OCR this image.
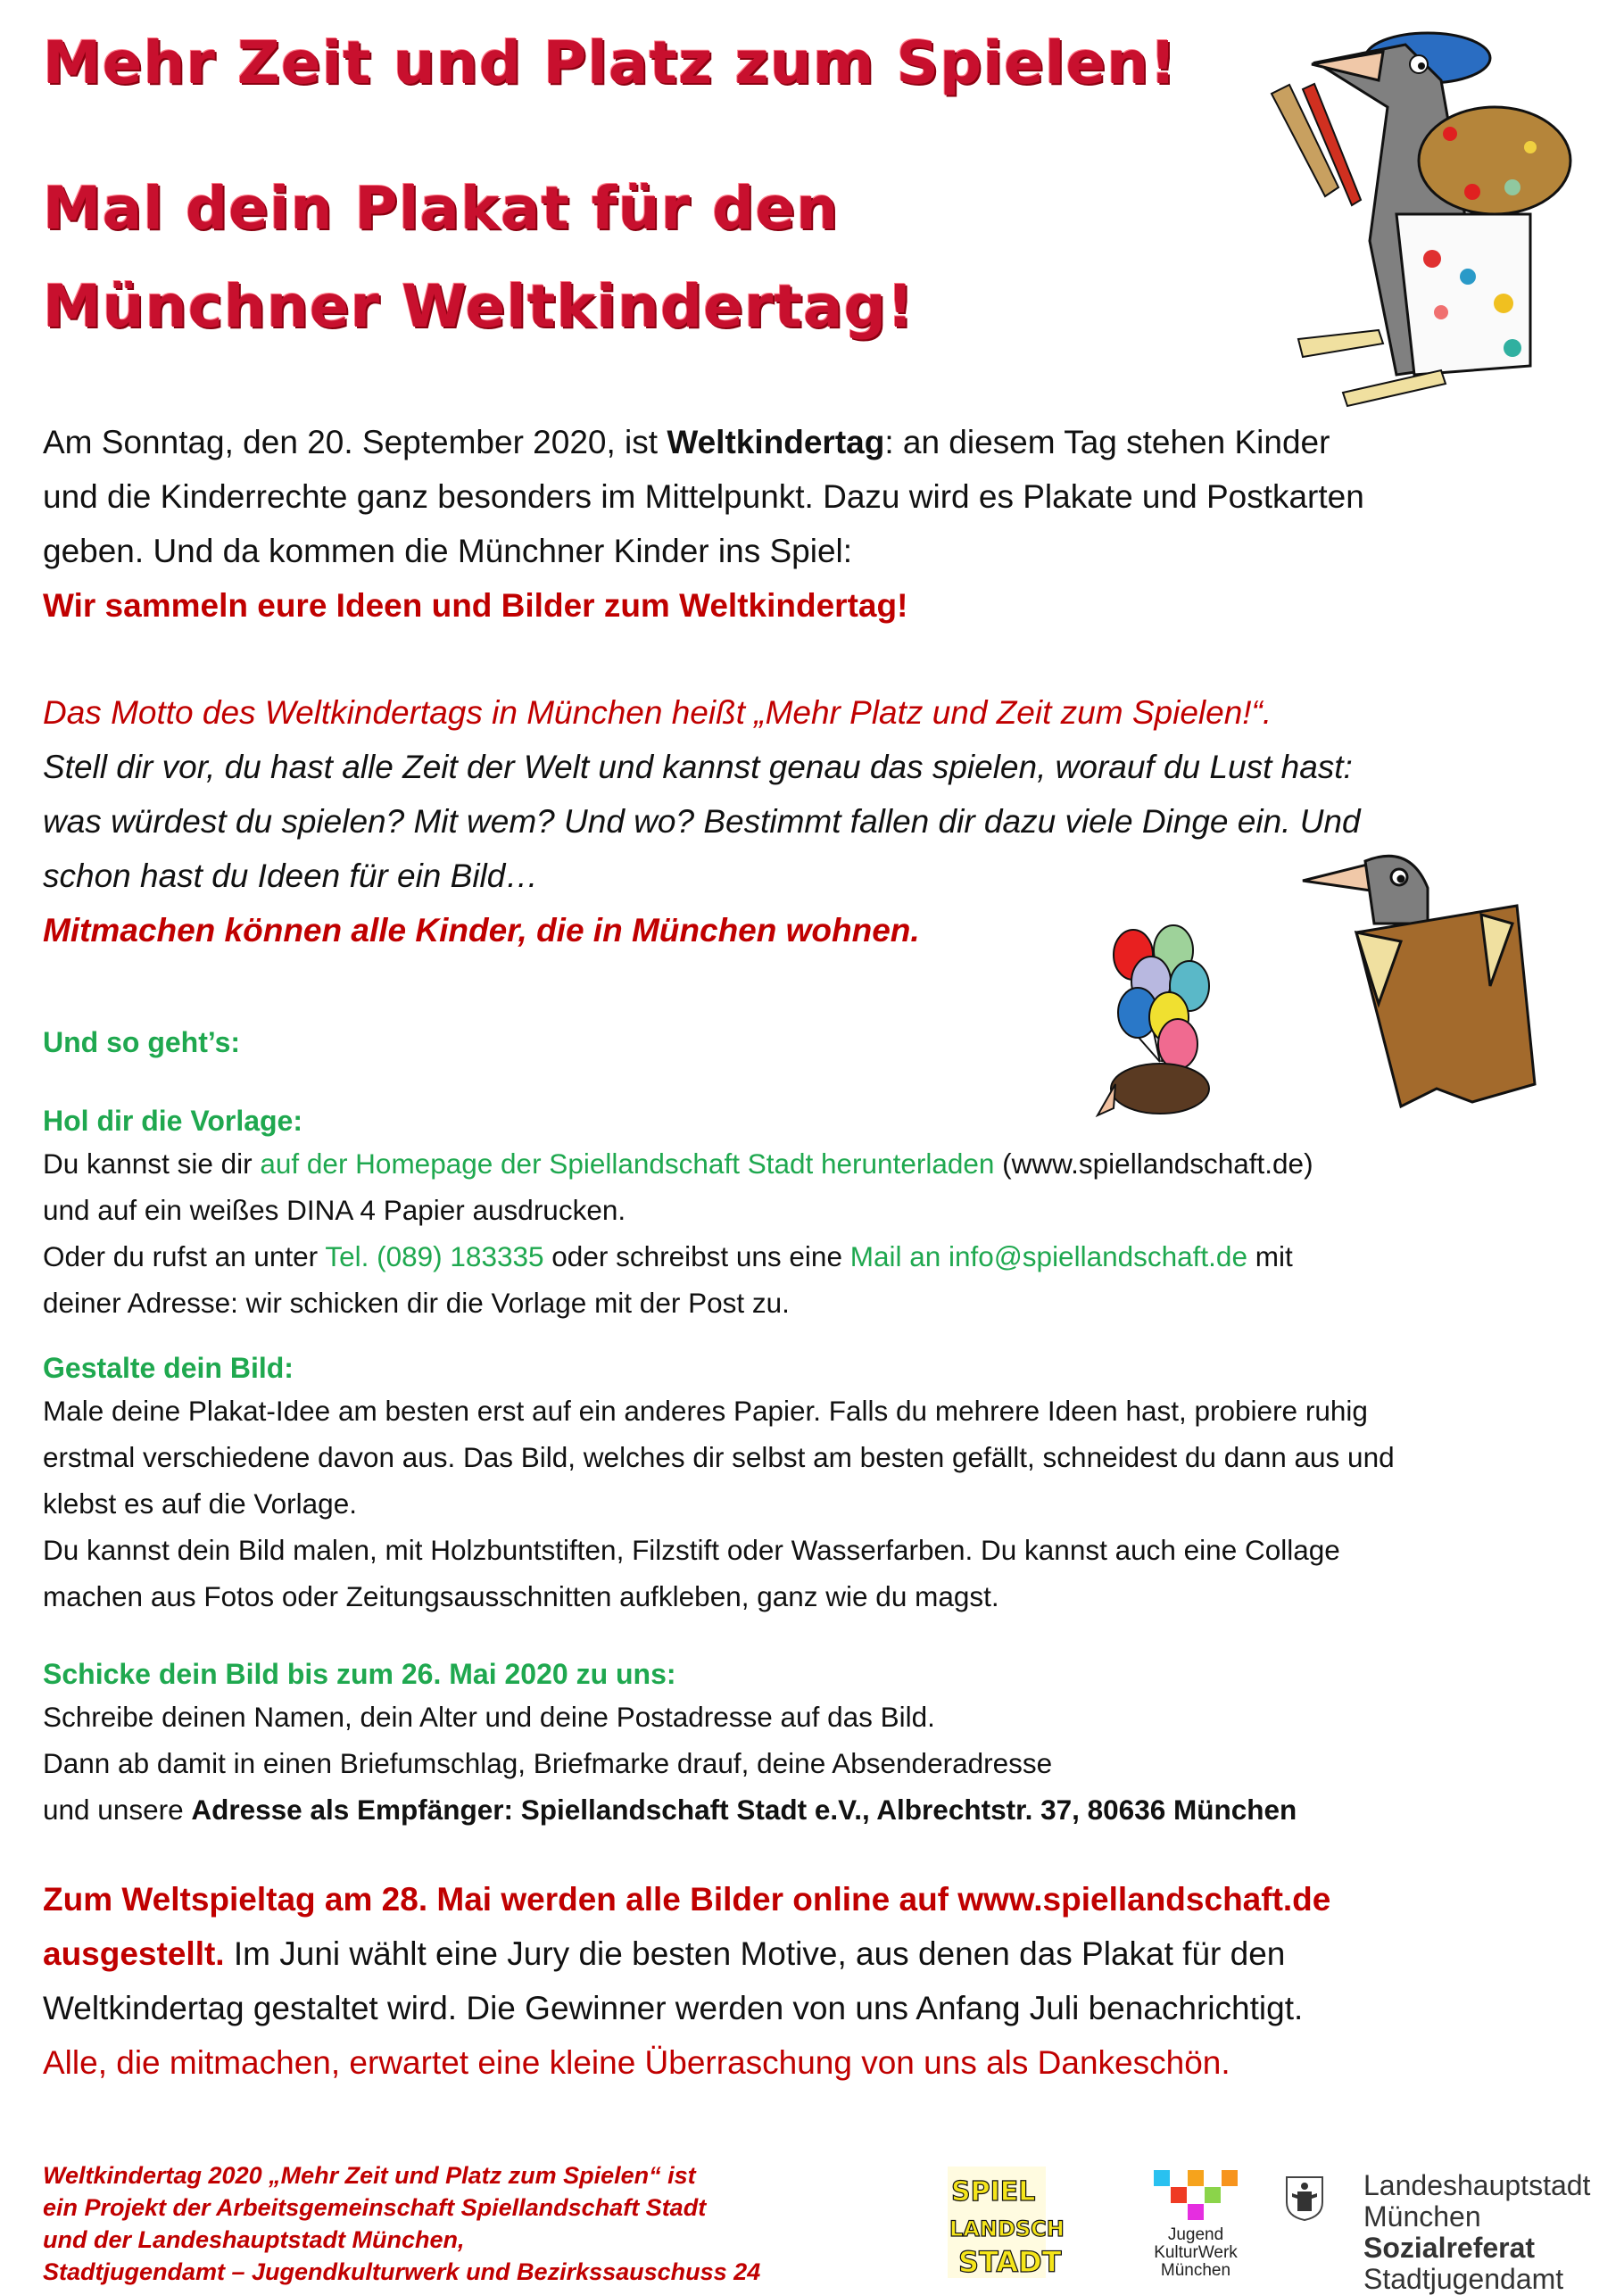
Mehr Zeit und Platz zum Spielen!
Mal dein Plakat für den
Münchner Weltkindertag!
Am Sonntag, den 20. September 2020, ist Weltkindertag: an diesem Tag stehen Kinder
und die Kinderrechte ganz besonders im Mittelpunkt. Dazu wird es Plakate und Postkarten
geben. Und da kommen die Münchner Kinder ins Spiel:
Wir sammeln eure Ideen und Bilder zum Weltkindertag!
Das Motto des Weltkindertags in München heißt „Mehr Platz und Zeit zum Spielen!“.
Stell dir vor, du hast alle Zeit der Welt und kannst genau das spielen, worauf du Lust hast:
was würdest du spielen? Mit wem? Und wo? Bestimmt fallen dir dazu viele Dinge ein. Und
schon hast du Ideen für ein Bild…
Mitmachen können alle Kinder, die in München wohnen.
Und so geht’s:
Hol dir die Vorlage:
Du kannst sie dir auf der Homepage der Spiellandschaft Stadt herunterladen (www.spiellandschaft.de)
und auf ein weißes DINA 4 Papier ausdrucken.
Oder du rufst an unter Tel. (089) 183335 oder schreibst uns eine Mail an info@spiellandschaft.de mit
deiner Adresse: wir schicken dir die Vorlage mit der Post zu.
Gestalte dein Bild:
Male deine Plakat-Idee am besten erst auf ein anderes Papier. Falls du mehrere Ideen hast, probiere ruhig
erstmal verschiedene davon aus. Das Bild, welches dir selbst am besten gefällt, schneidest du dann aus und
klebst es auf die Vorlage.
Du kannst dein Bild malen, mit Holzbuntstiften, Filzstift oder Wasserfarben. Du kannst auch eine Collage
machen aus Fotos oder Zeitungsausschnitten aufkleben, ganz wie du magst.
Schicke dein Bild bis zum 26. Mai 2020 zu uns:
Schreibe deinen Namen, dein Alter und deine Postadresse auf das Bild.
Dann ab damit in einen Briefumschlag, Briefmarke drauf, deine Absenderadresse
und unsere Adresse als Empfänger: Spiellandschaft Stadt e.V., Albrechtstr. 37, 80636 München
Zum Weltspieltag am 28. Mai werden alle Bilder online auf www.spiellandschaft.de
ausgestellt. Im Juni wählt eine Jury die besten Motive, aus denen das Plakat für den
Weltkindertag gestaltet wird. Die Gewinner werden von uns Anfang Juli benachrichtigt.
Alle, die mitmachen, erwartet eine kleine Überraschung von uns als Dankeschön.
Weltkindertag 2020 „Mehr Zeit und Platz zum Spielen“ ist
ein Projekt der Arbeitsgemeinschaft Spiellandschaft Stadt
und der Landeshauptstadt München,
Stadtjugendamt – Jugendkulturwerk und Bezirkssauschuss 24
SPIEL
LANDSCH
STADT
Jugend
KulturWerk
München
Landeshauptstadt
München
Sozialreferat
Stadtjugendamt
